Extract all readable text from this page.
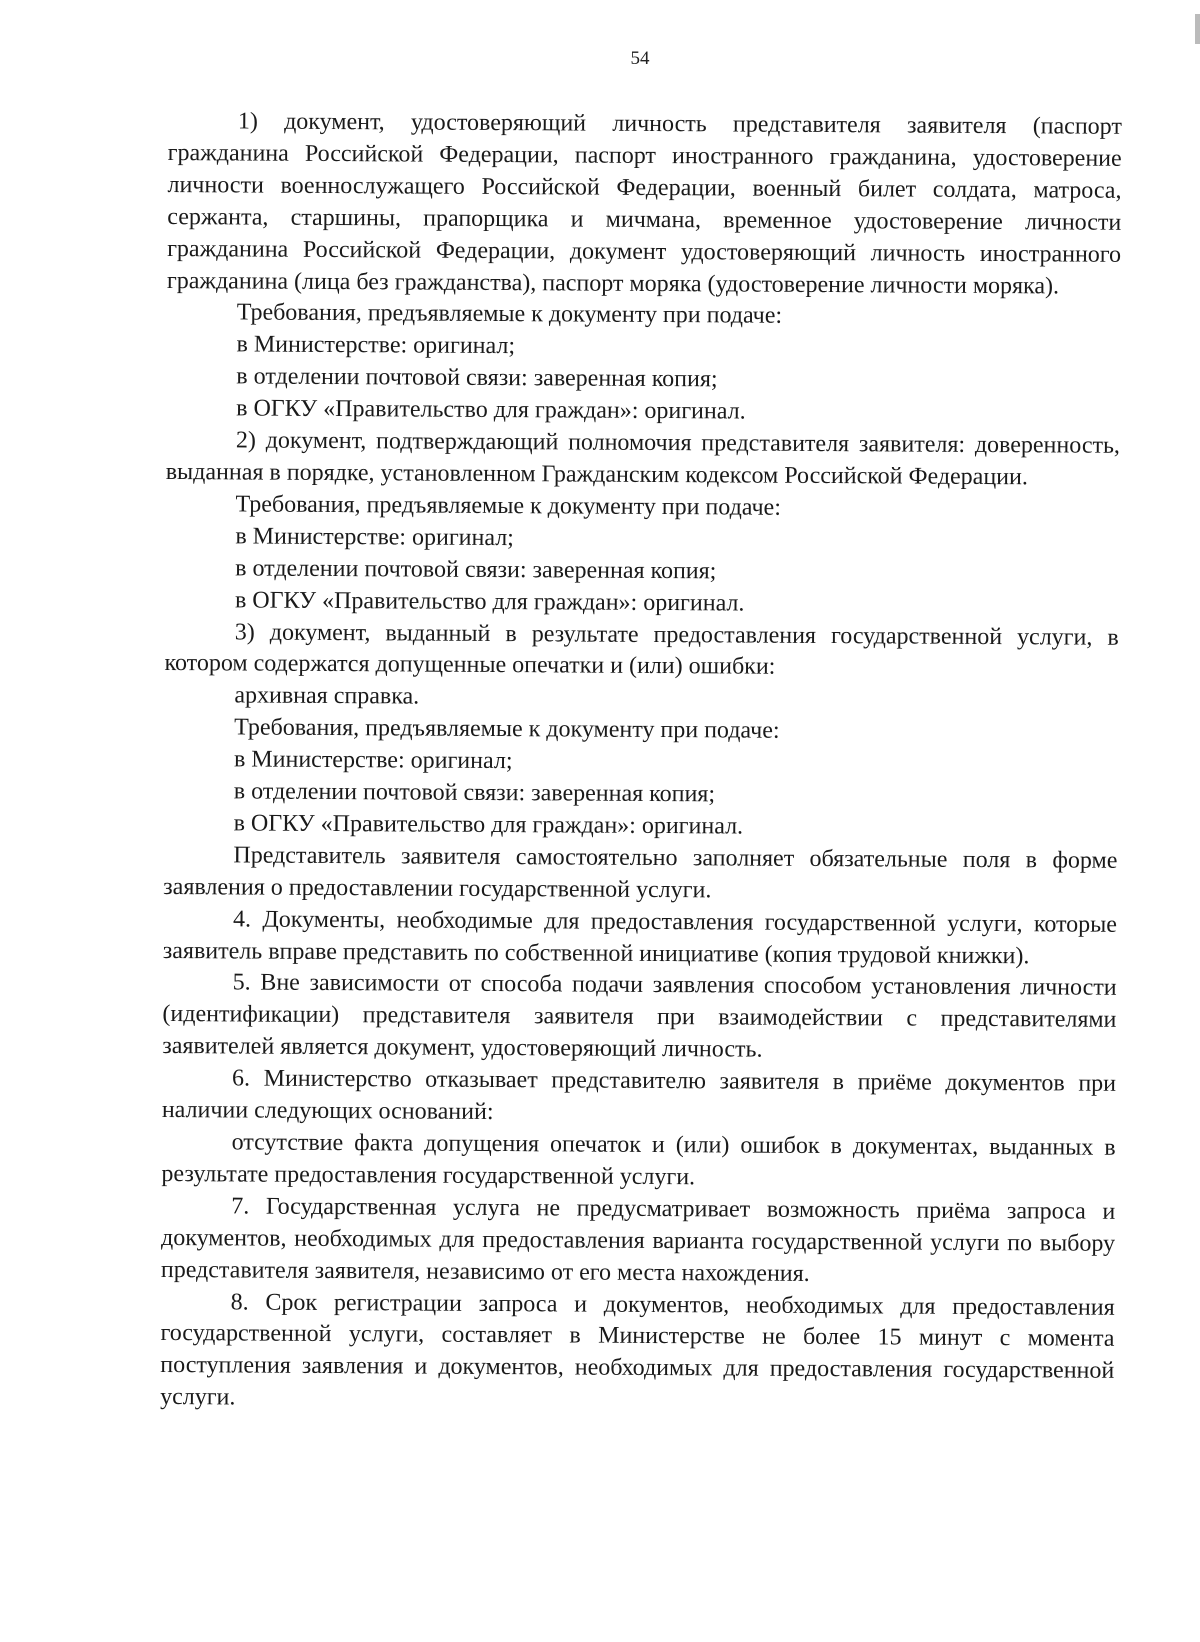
54

1) документ, удостоверяющий личность представителя заявителя (паспорт гражданина Российской Федерации, паспорт иностранного гражданина, удостоверение личности военнослужащего Российской Федерации, военный билет солдата, матроса, сержанта, старшины, прапорщика и мичмана, временное удостоверение личности гражданина Российской Федерации, документ удостоверяющий личность иностранного гражданина (лица без гражданства), паспорт моряка (удостоверение личности моряка).

Требования, предъявляемые к документу при подаче:

в Министерстве: оригинал;

в отделении почтовой связи: заверенная копия;

в ОГКУ «Правительство для граждан»: оригинал.

2) документ, подтверждающий полномочия представителя заявителя: доверенность, выданная в порядке, установленном Гражданским кодексом Российской Федерации.

Требования, предъявляемые к документу при подаче:

в Министерстве: оригинал;

в отделении почтовой связи: заверенная копия;

в ОГКУ «Правительство для граждан»: оригинал.

3) документ, выданный в результате предоставления государственной услуги, в котором содержатся допущенные опечатки и (или) ошибки:

архивная справка.

Требования, предъявляемые к документу при подаче:

в Министерстве: оригинал;

в отделении почтовой связи: заверенная копия;

в ОГКУ «Правительство для граждан»: оригинал.

Представитель заявителя самостоятельно заполняет обязательные поля в форме заявления о предоставлении государственной услуги.

4. Документы, необходимые для предоставления государственной услуги, которые заявитель вправе представить по собственной инициативе (копия трудовой книжки).

5. Вне зависимости от способа подачи заявления способом установления личности (идентификации) представителя заявителя при взаимодействии с представителями заявителей является документ, удостоверяющий личность.

6. Министерство отказывает представителю заявителя в приёме документов при наличии следующих оснований:

отсутствие факта допущения опечаток и (или) ошибок в документах, выданных в результате предоставления государственной услуги.

7. Государственная услуга не предусматривает возможность приёма запроса и документов, необходимых для предоставления варианта государственной услуги по выбору представителя заявителя, независимо от его места нахождения.

8. Срок регистрации запроса и документов, необходимых для предоставления государственной услуги, составляет в Министерстве не более 15 минут с момента поступления заявления и документов, необходимых для предоставления государственной услуги.
